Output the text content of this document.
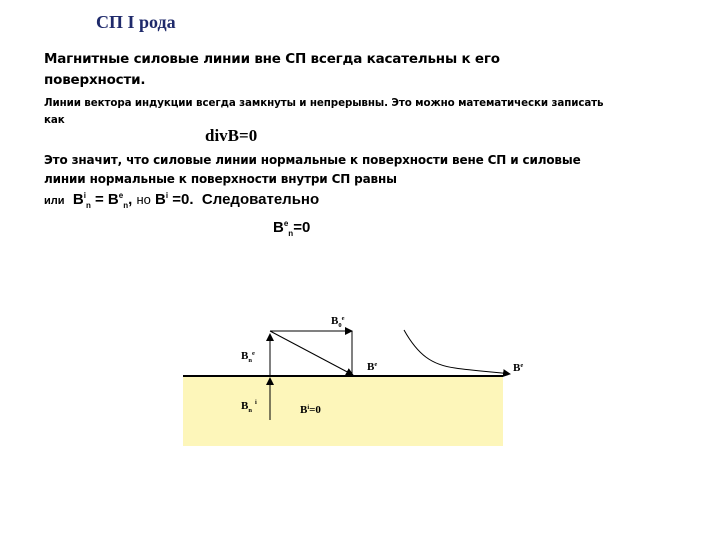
СП I рода
Магнитные силовые линии вне СП всегда касательны к его поверхности.
Линии вектора индукции всегда замкнуты и непрерывны. Это можно математически записать как
divB=0
Это значит, что силовые линии нормальные к поверхности вене СП и силовые линии нормальные к поверхности внутри СП равны
или $B^i_n = B^e_n$, но $B^i =0$. Следовательно
$B^e_n=0$
$B_0^e$
$B_n^e$
$B^e$	$B^e$
$B_n^i$
$B^i=0$
